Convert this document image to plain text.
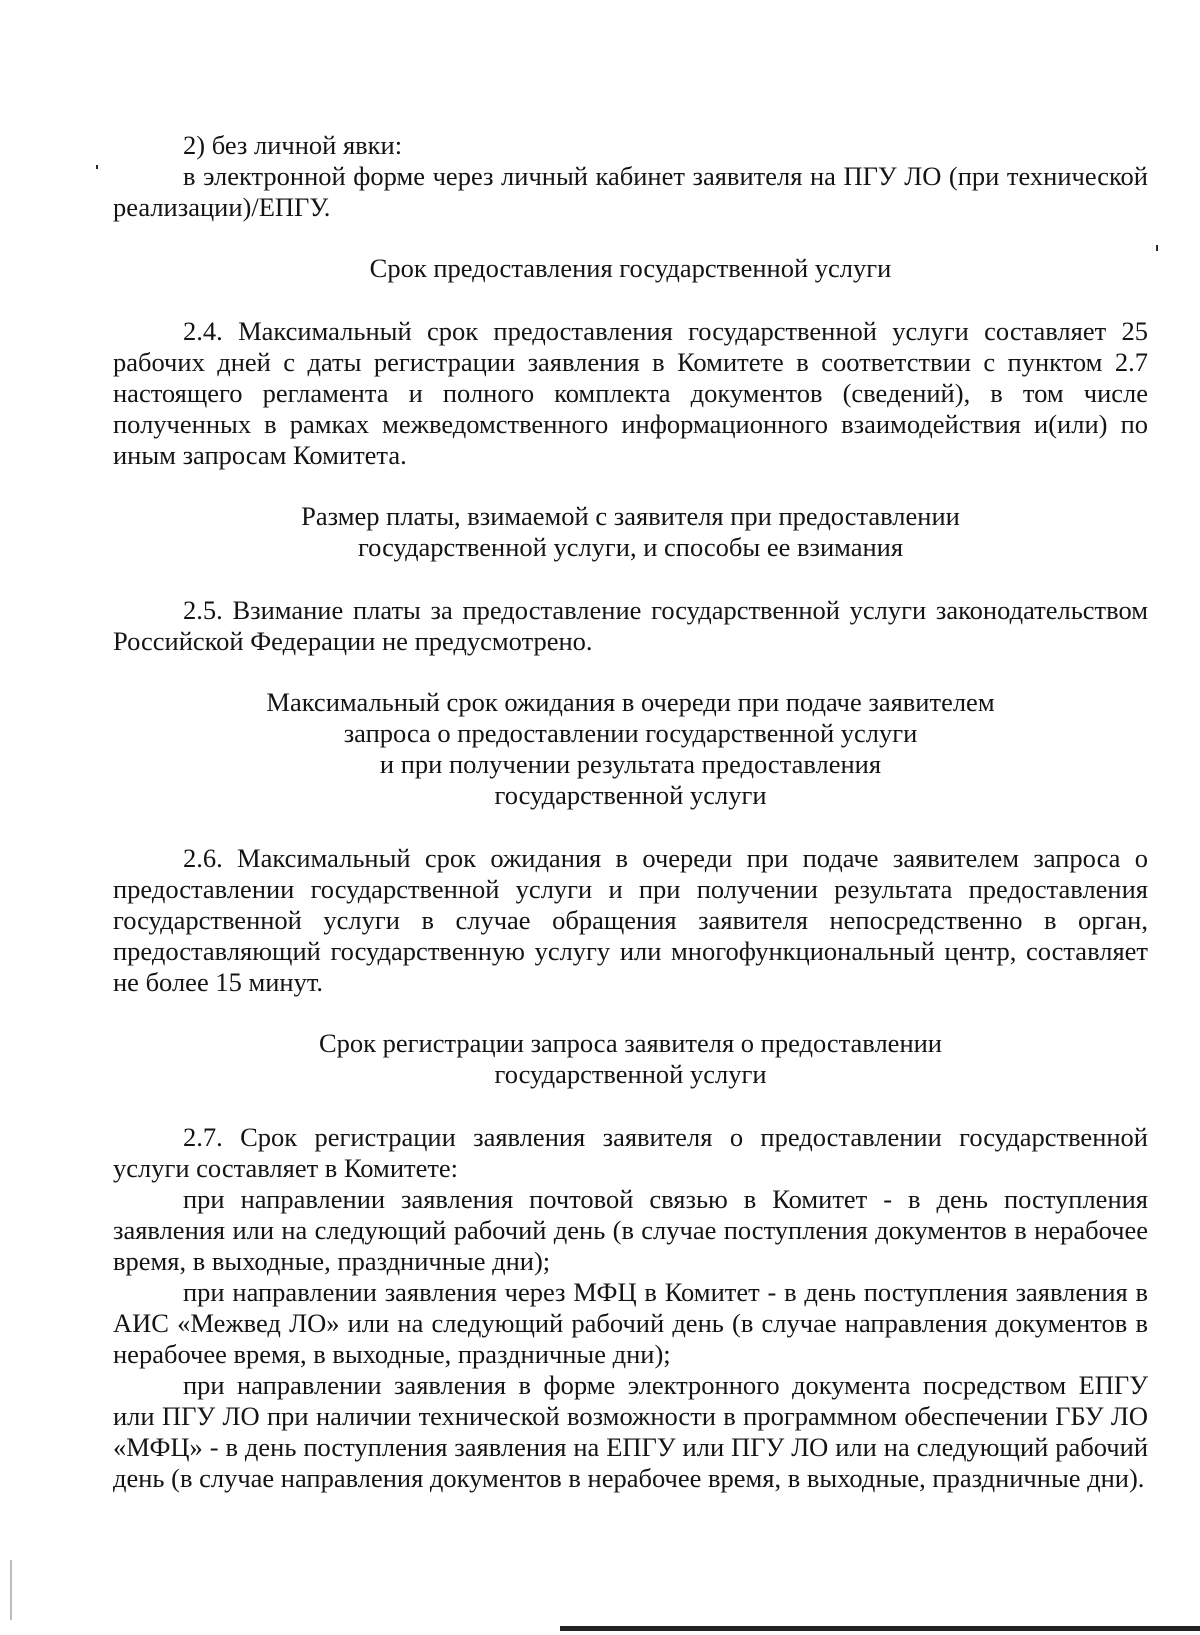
2) без личной явки:

в электронной форме через личный кабинет заявителя на ПГУ ЛО (при технической реализации)/ЕПГУ.

Срок предоставления государственной услуги

2.4. Максимальный срок предоставления государственной услуги составляет 25 рабочих дней с даты регистрации заявления в Комитете в соответствии с пунктом 2.7 настоящего регламента и полного комплекта документов (сведений), в том числе полученных в рамках межведомственного информационного взаимодействия и(или) по иным запросам Комитета.

Размер платы, взимаемой с заявителя при предоставлении
государственной услуги, и способы ее взимания

2.5. Взимание платы за предоставление государственной услуги законодательством Российской Федерации не предусмотрено.

Максимальный срок ожидания в очереди при подаче заявителем
запроса о предоставлении государственной услуги
и при получении результата предоставления
государственной услуги

2.6. Максимальный срок ожидания в очереди при подаче заявителем запроса о предоставлении государственной услуги и при получении результата предоставления государственной услуги в случае обращения заявителя непосредственно в орган, предоставляющий государственную услугу или многофункциональный центр, составляет не более 15 минут.

Срок регистрации запроса заявителя о предоставлении
государственной услуги

2.7. Срок регистрации заявления заявителя о предоставлении государственной услуги составляет в Комитете:

при направлении заявления почтовой связью в Комитет - в день поступления заявления или на следующий рабочий день (в случае поступления документов в нерабочее время, в выходные, праздничные дни);

при направлении заявления через МФЦ в Комитет - в день поступления заявления в АИС «Межвед ЛО» или на следующий рабочий день (в случае направления документов в нерабочее время, в выходные, праздничные дни);

при направлении заявления в форме электронного документа посредством ЕПГУ или ПГУ ЛО при наличии технической возможности в программном обеспечении ГБУ ЛО «МФЦ» - в день поступления заявления на ЕПГУ или ПГУ ЛО или на следующий рабочий день (в случае направления документов в нерабочее время, в выходные, праздничные дни).
